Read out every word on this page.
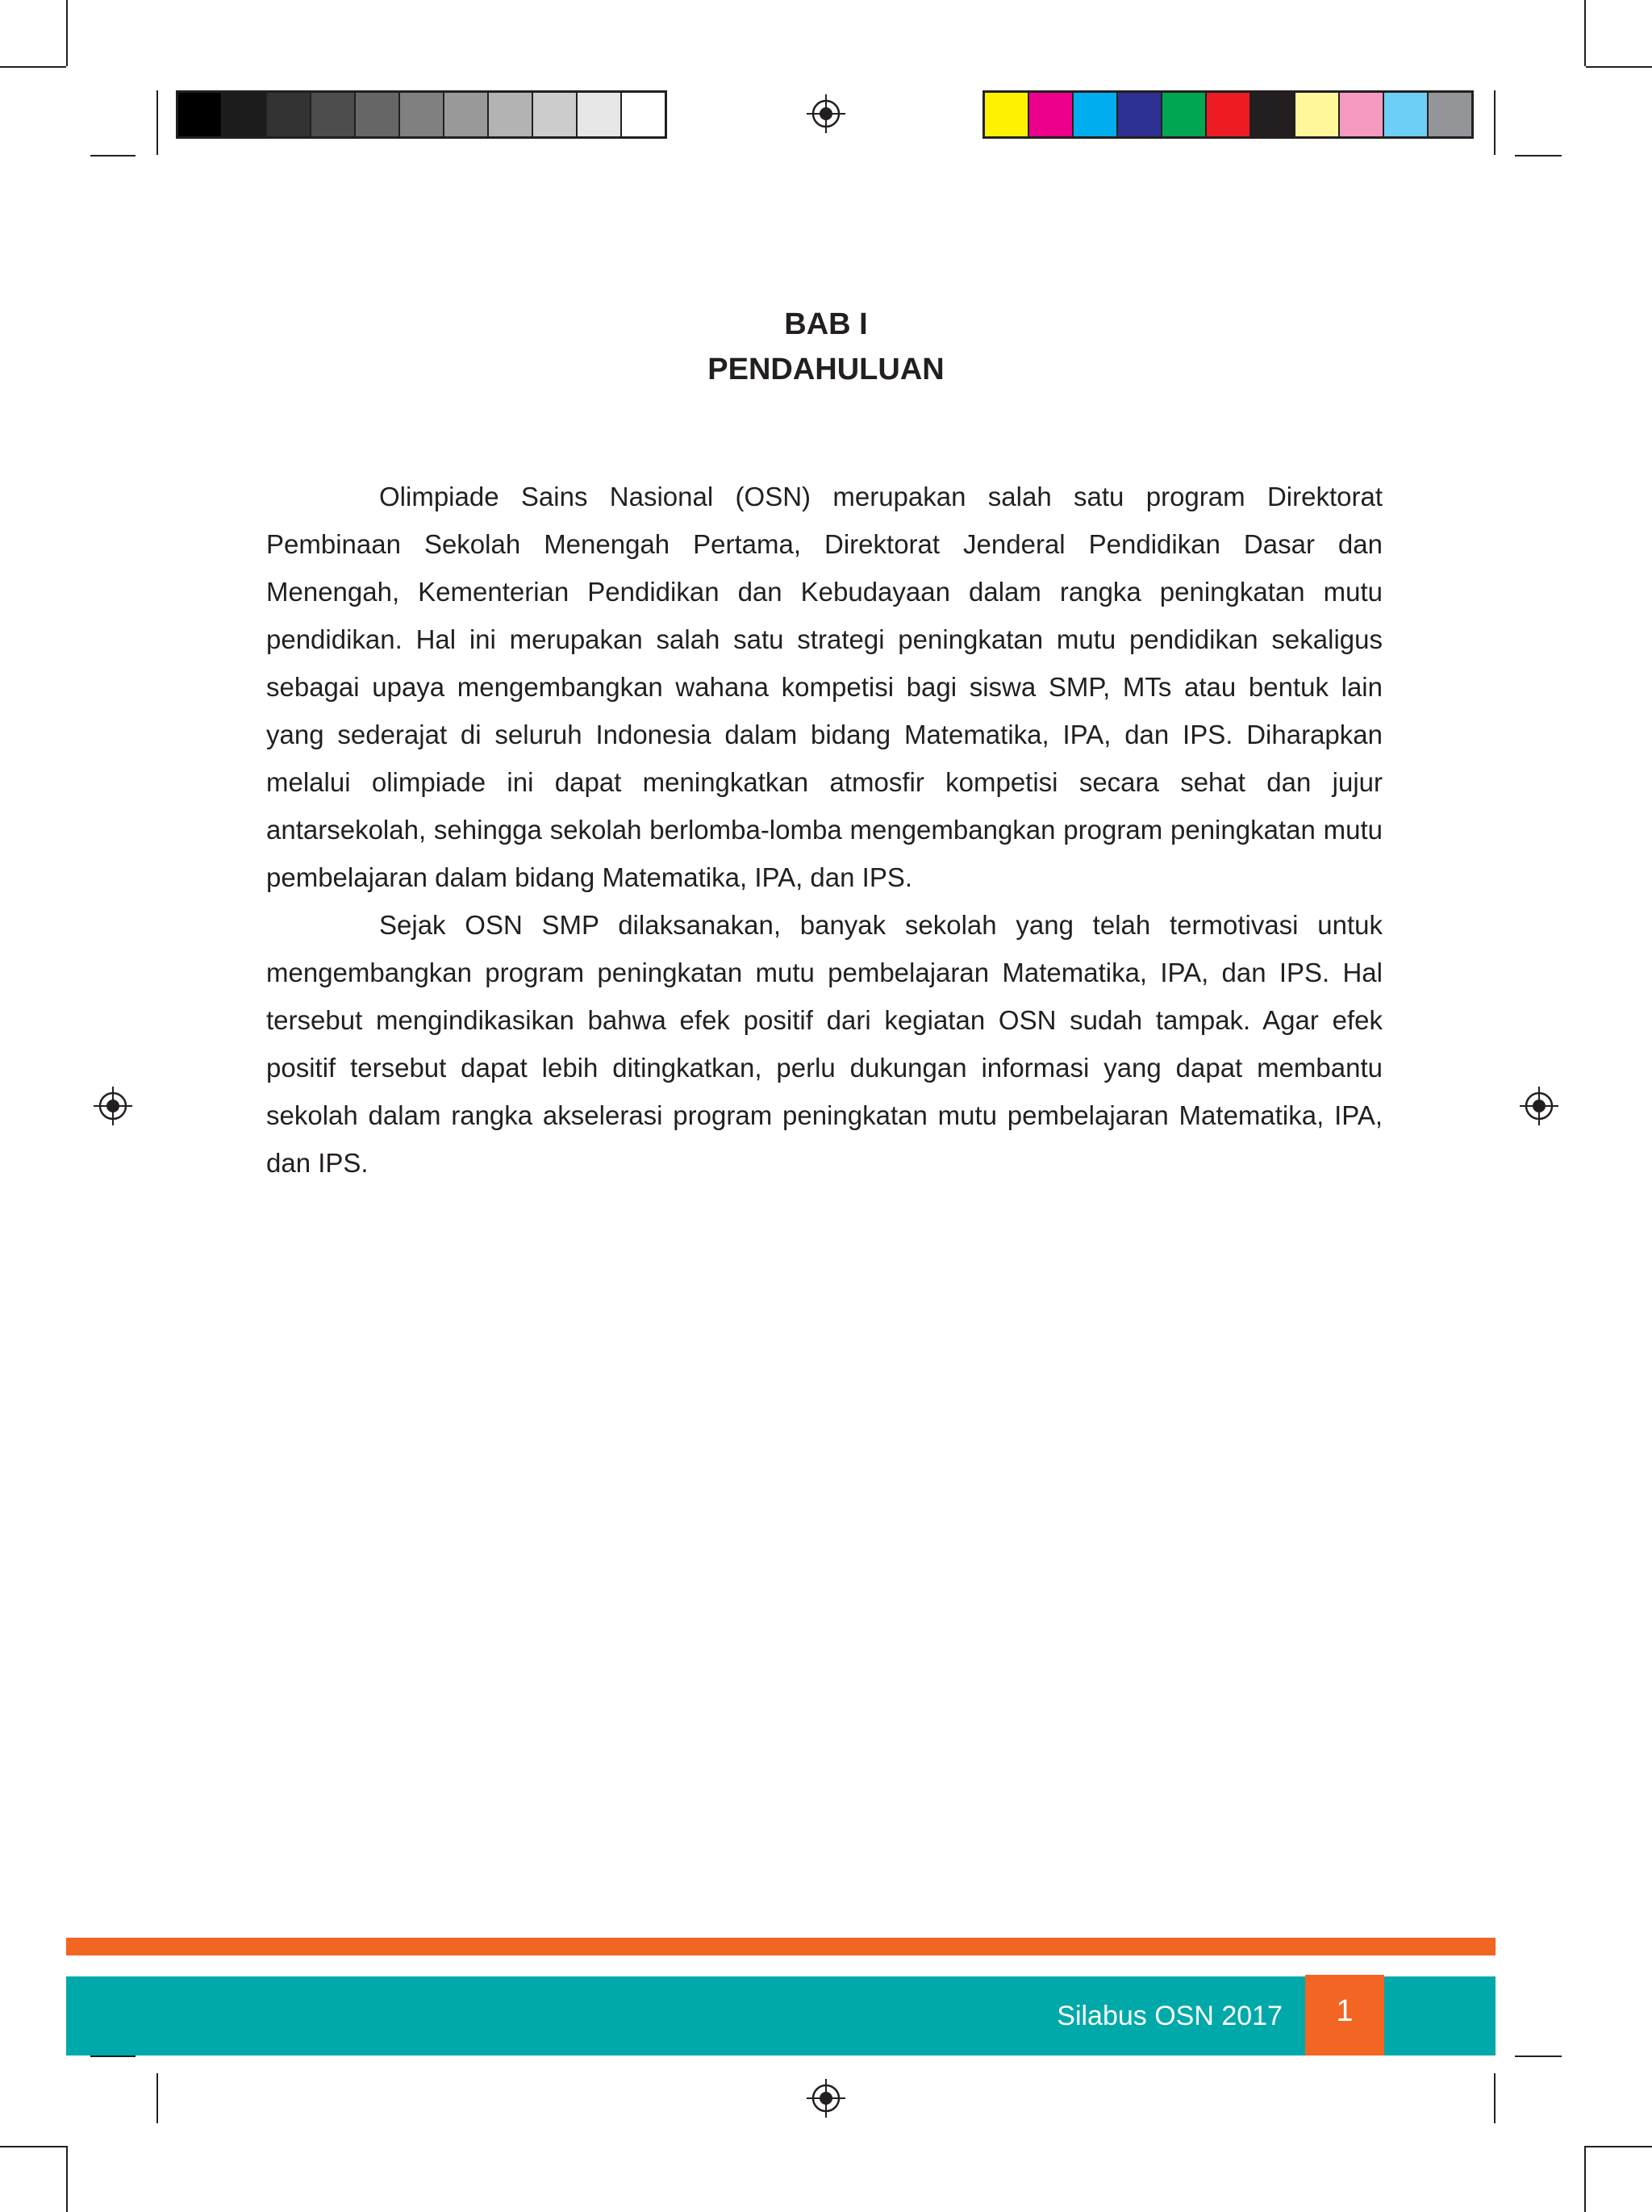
BAB I
PENDAHULUAN

Olimpiade Sains Nasional (OSN) merupakan salah satu program Direktorat Pembinaan Sekolah Menengah Pertama, Direktorat Jenderal Pendidikan Dasar dan Menengah, Kementerian Pendidikan dan Kebudayaan dalam rangka peningkatan mutu pendidikan. Hal ini merupakan salah satu strategi peningkatan mutu pendidikan sekaligus sebagai upaya mengembangkan wahana kompetisi bagi siswa SMP, MTs atau bentuk lain yang sederajat di seluruh Indonesia dalam bidang Matematika, IPA, dan IPS. Diharapkan melalui olimpiade ini dapat meningkatkan atmosfir kompetisi secara sehat dan jujur antarsekolah, sehingga sekolah berlomba-lomba mengembangkan program peningkatan mutu pembelajaran dalam bidang Matematika, IPA, dan IPS.

Sejak OSN SMP dilaksanakan, banyak sekolah yang telah termotivasi untuk mengembangkan program peningkatan mutu pembelajaran Matematika, IPA, dan IPS. Hal tersebut mengindikasikan bahwa efek positif dari kegiatan OSN sudah tampak. Agar efek positif tersebut dapat lebih ditingkatkan, perlu dukungan informasi yang dapat membantu sekolah dalam rangka akselerasi program peningkatan mutu pembelajaran Matematika, IPA, dan IPS.

Silabus OSN 2017	1
